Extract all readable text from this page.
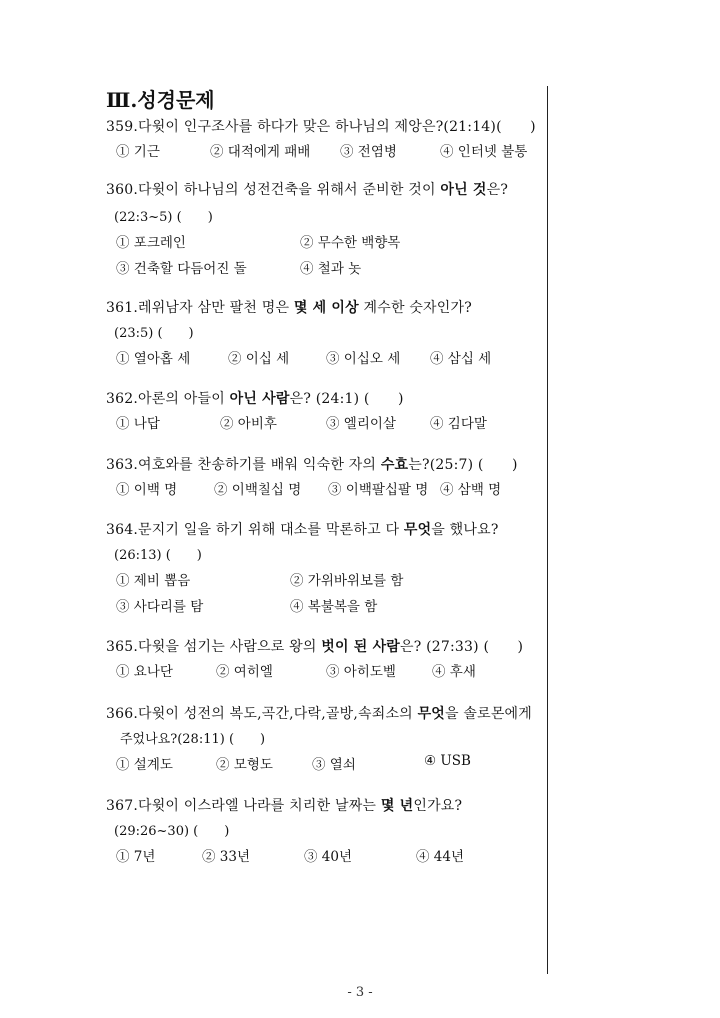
Ⅲ.성경문제
359.다윗이 인구조사를 하다가 맞은 하나님의 제앙은?(21:14)(　　)
① 기근	② 대적에게 패배 ③ 전염병	④ 인터넷 불통
360.다윗이 하나님의 성전건축을 위해서 준비한 것이 아닌 것은?
(22:3~5) (　　)
① 포크레인	② 무수한 백향목
③ 건축할 다듬어진 돌	④ 철과 놋
361.레위남자 삼만 팔천 명은 몇 세 이상 계수한 숫자인가?
(23:5) (　　)
① 열아홉 세	② 이십 세	③ 이십오 세 ④ 삼십 세
362.아론의 아들이 아닌 사람은? (24:1) (　　)
① 나답	② 아비후	③ 엘리이살	④ 김다말
363.여호와를 찬송하기를 배워 익숙한 자의 수효는?(25:7) (　　)
① 이백 명	② 이백칠십 명 ③ 이백팔십팔 명 ④ 삼백 명
364.문지기 일을 하기 위해 대소를 막론하고 다 무엇을 했나요?
(26:13) (　　)
① 제비 뽑음	② 가위바위보를 함
③ 사다리를 탐	④ 복불복을 함
365.다윗을 섬기는 사람으로 왕의 벗이 된 사람은? (27:33) (　　)
① 요나단	② 여히엘	③ 아히도벨	④ 후새
366.다윗이 성전의 복도,곡간,다락,골방,속죄소의 무엇을 솔로몬에게
주었나요?(28:11) (　　)
① 설계도	② 모형도	③ 열쇠	④ USB
367.다윗이 이스라엘 나라를 치리한 날짜는 몇 년인가요?
(29:26~30) (　　)
① 7년	② 33년	③ 40년	④ 44년
- 3 -
